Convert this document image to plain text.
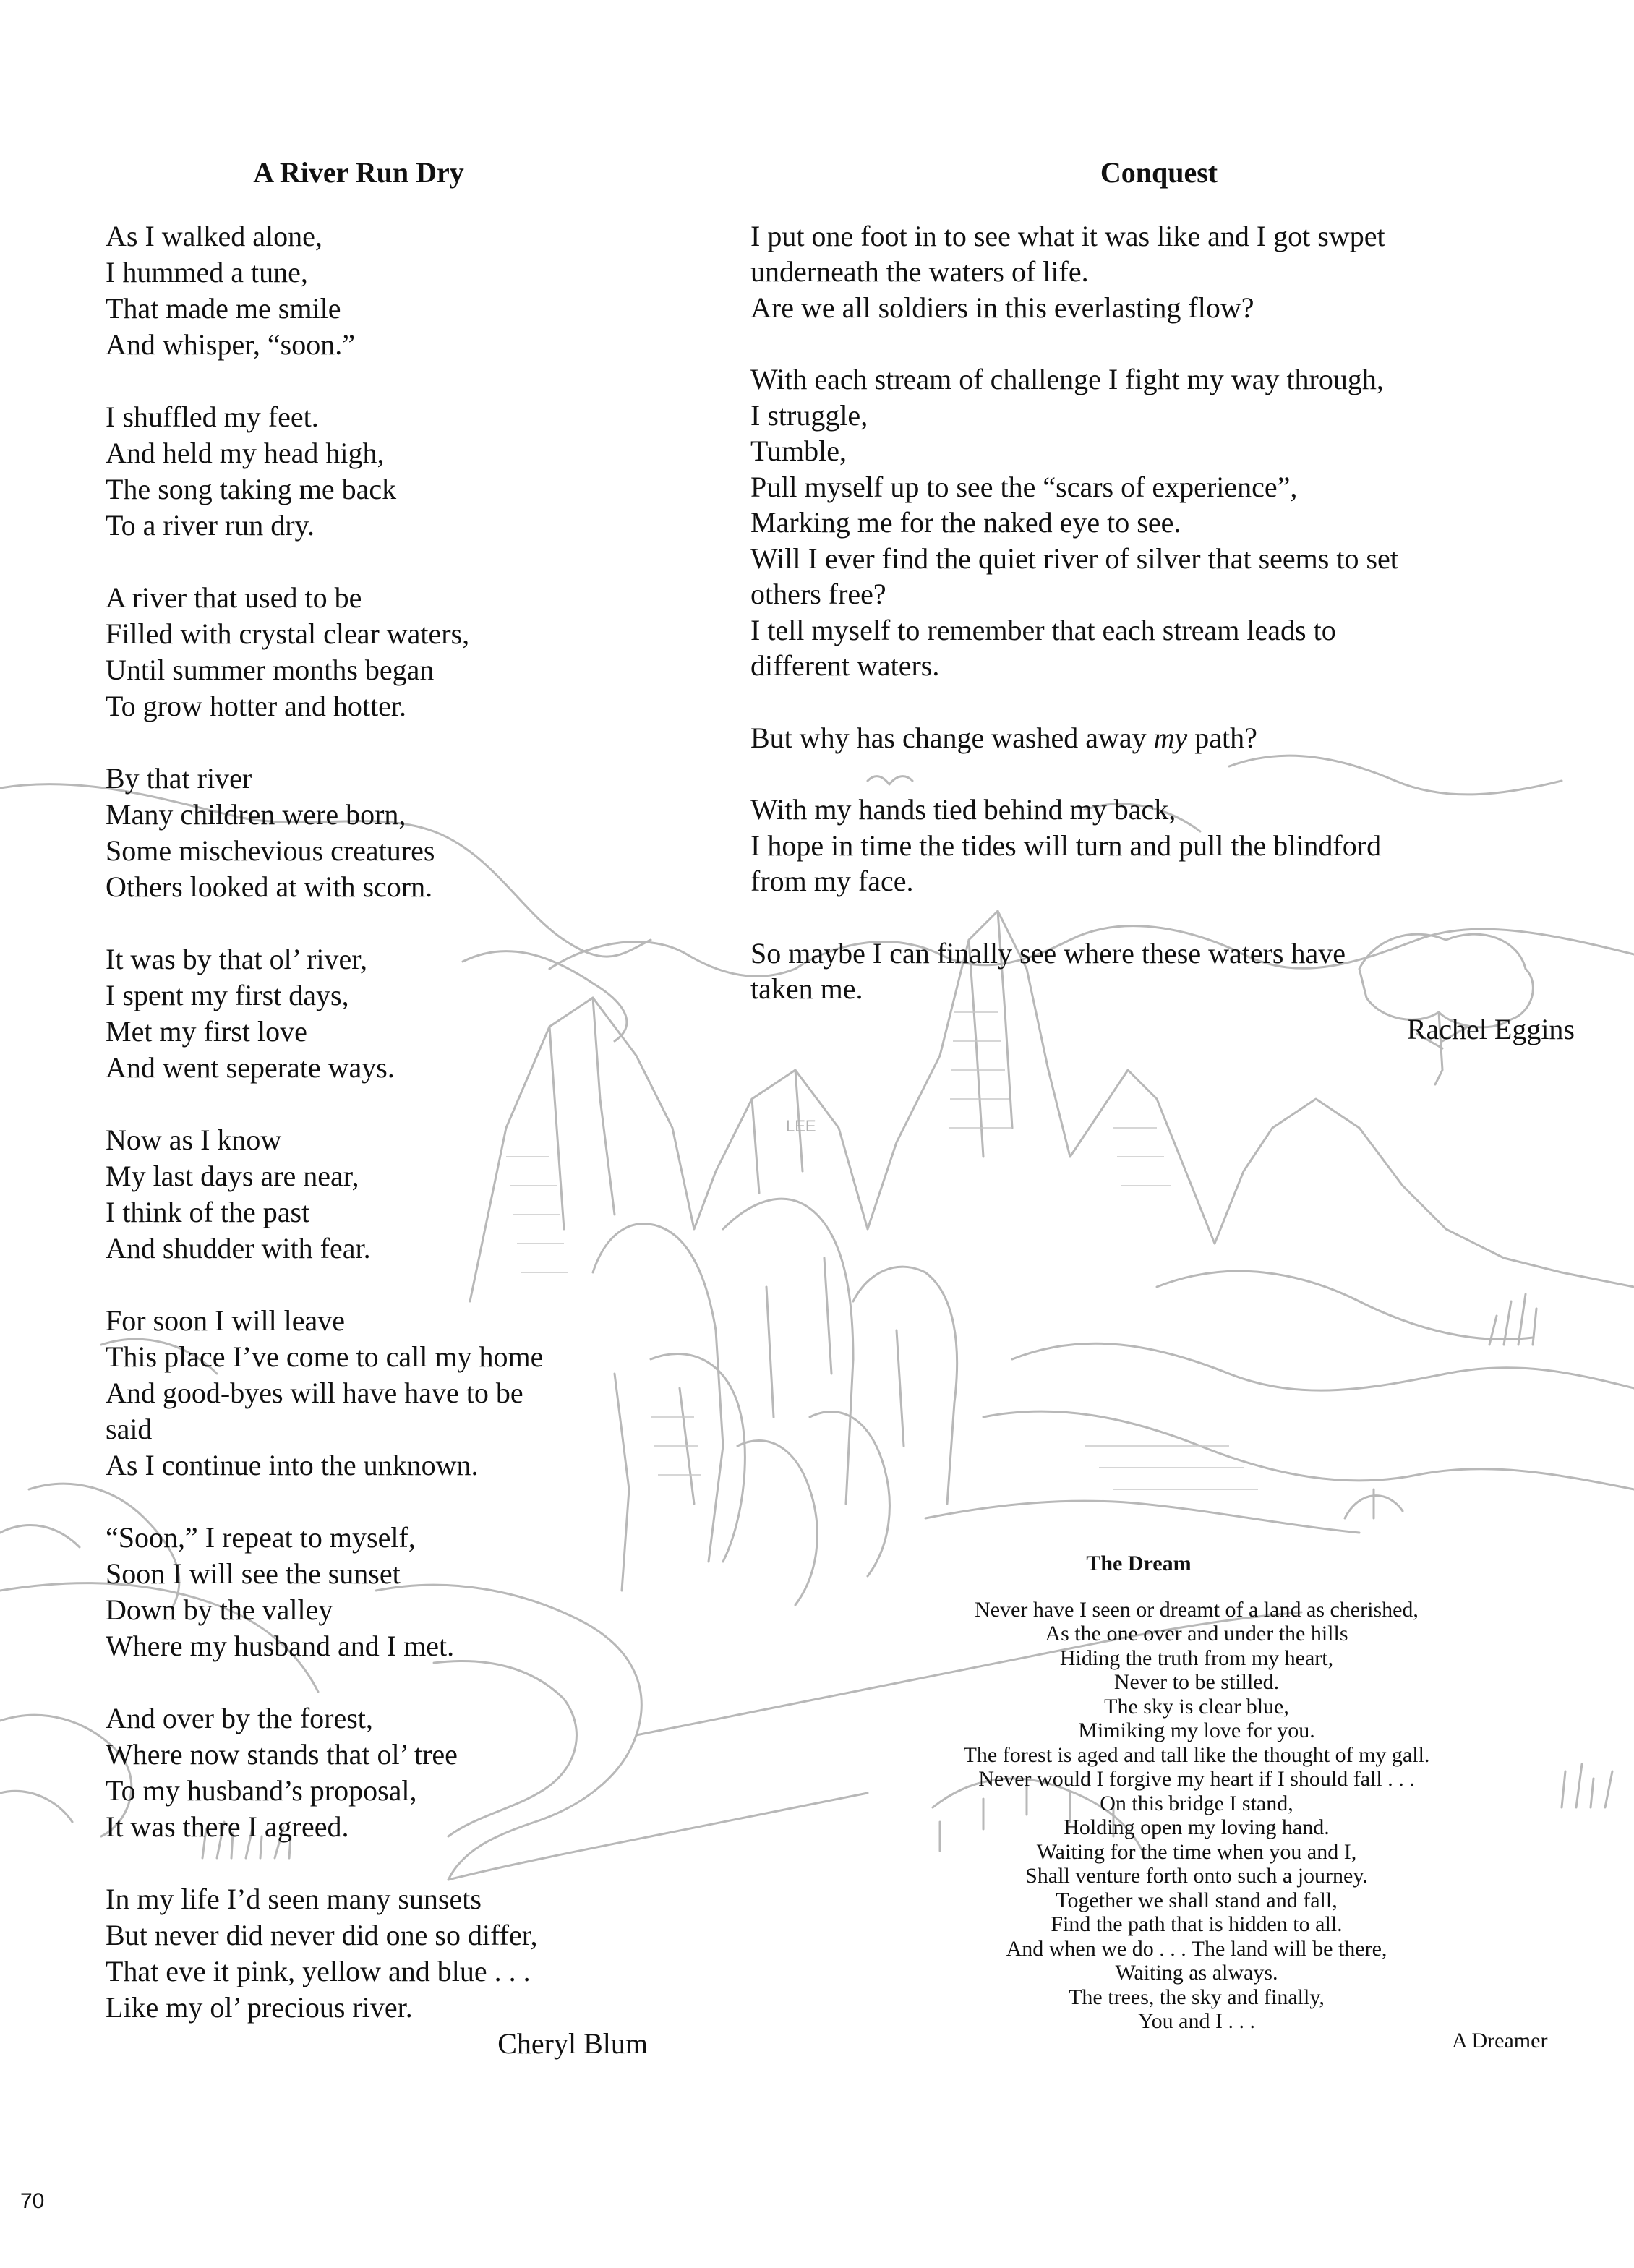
LEE
A River Run Dry

As I walked alone,
I hummed a tune,
That made me smile
And whisper, “soon.”

I shuffled my feet.
And held my head high,
The song taking me back
To a river run dry.

A river that used to be
Filled with crystal clear waters,
Until summer months began
To grow hotter and hotter.

By that river
Many children were born,
Some mischevious creatures
Others looked at with scorn.

It was by that ol’ river,
I spent my first days,
Met my first love
And went seperate ways.

Now as I know
My last days are near,
I think of the past
And shudder with fear.

For soon I will leave
This place I’ve come to call my home
And good-byes will have have to be
said
As I continue into the unknown.

“Soon,” I repeat to myself,
Soon I will see the sunset
Down by the valley
Where my husband and I met.

And over by the forest,
Where now stands that ol’ tree
To my husband’s proposal,
It was there I agreed.

In my life I’d seen many sunsets
But never did never did one so differ,
That eve it pink, yellow and blue . . .
Like my ol’ precious river.

Cheryl Blum
Conquest

I put one foot in to see what it was like and I got swpet
underneath the waters of life.
Are we all soldiers in this everlasting flow?

With each stream of challenge I fight my way through,
I struggle,
Tumble,
Pull myself up to see the “scars of experience”,
Marking me for the naked eye to see.
Will I ever find the quiet river of silver that seems to set
others free?
I tell myself to remember that each stream leads to
different waters.

But why has change washed away my path?

With my hands tied behind my back,
I hope in time the tides will turn and pull the blindford
from my face.

So maybe I can finally see where these waters have
taken me.

Rachel Eggins
The Dream
Never have I seen or dreamt of a land as cherished,
As the one over and under the hills
Hiding the truth from my heart,
Never to be stilled.
The sky is clear blue,
Mimiking my love for you.
The forest is aged and tall like the thought of my gall.
Never would I forgive my heart if I should fall . . .
On this bridge I stand,
Holding open my loving hand.
Waiting for the time when you and I,
Shall venture forth onto such a journey.
Together we shall stand and fall,
Find the path that is hidden to all.
And when we do . . . The land will be there,
Waiting as always.
The trees, the sky and finally,
You and I . . .
A Dreamer
70
